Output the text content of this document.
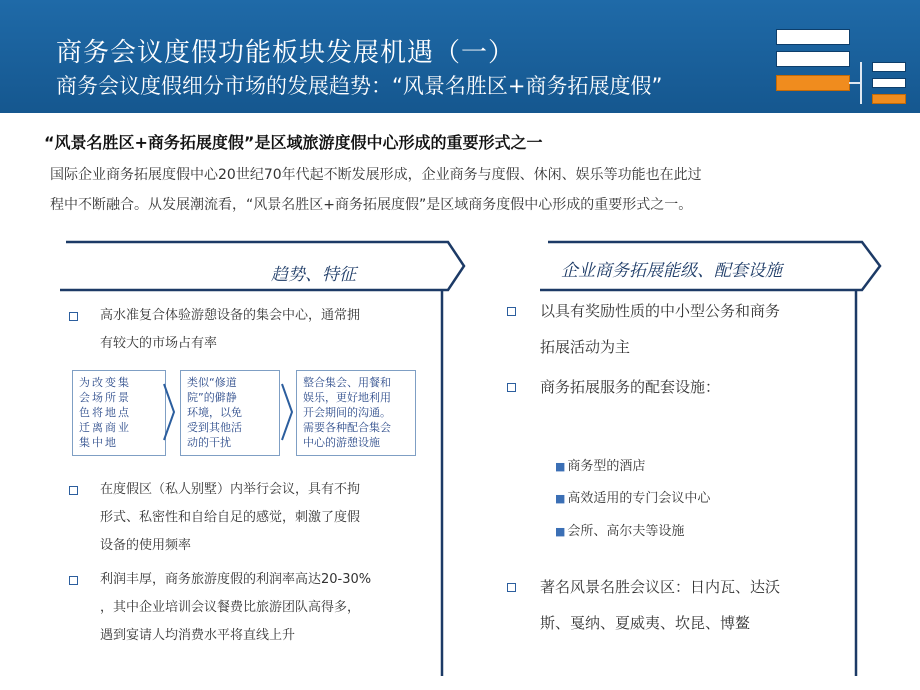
商务会议度假功能板块发展机遇（一）
商务会议度假细分市场的发展趋势：“风景名胜区+商务拓展度假”
“风景名胜区+商务拓展度假”是区域旅游度假中心形成的重要形式之一

国际企业商务拓展度假中心20世纪70年代起不断发展形成，企业商务与度假、休闲、娱乐等功能也在此过

程中不断融合。从发展潮流看，“风景名胜区+商务拓展度假”是区域商务度假中心形成的重要形式之一。

趋势、特征

高水准复合体验游憩设备的集会中心，通常拥

有较大的市场占有率

为改变集
会场所景
色将地点
迁离商业
集中地
类似“修道
院”的僻静
环境，以免
受到其他活
动的干扰
整合集会、用餐和
娱乐，更好地利用
开会期间的沟通。
需要各种配合集会
中心的游憩设施

在度假区（私人别墅）内举行会议，具有不拘

形式、私密性和自给自足的感觉，刺激了度假

设备的使用频率

利润丰厚，商务旅游度假的利润率高达20-30%

，其中企业培训会议餐费比旅游团队高得多，

遇到宴请人均消费水平将直线上升

企业商务拓展能级、配套设施

以具有奖励性质的中小型公务和商务

拓展活动为主

商务拓展服务的配套设施：

■ 商务型的酒店
■ 高效适用的专门会议中心
■ 会所、高尔夫等设施

著名风景名胜会议区：日内瓦、达沃

斯、戛纳、夏威夷、坎昆、博鳌
